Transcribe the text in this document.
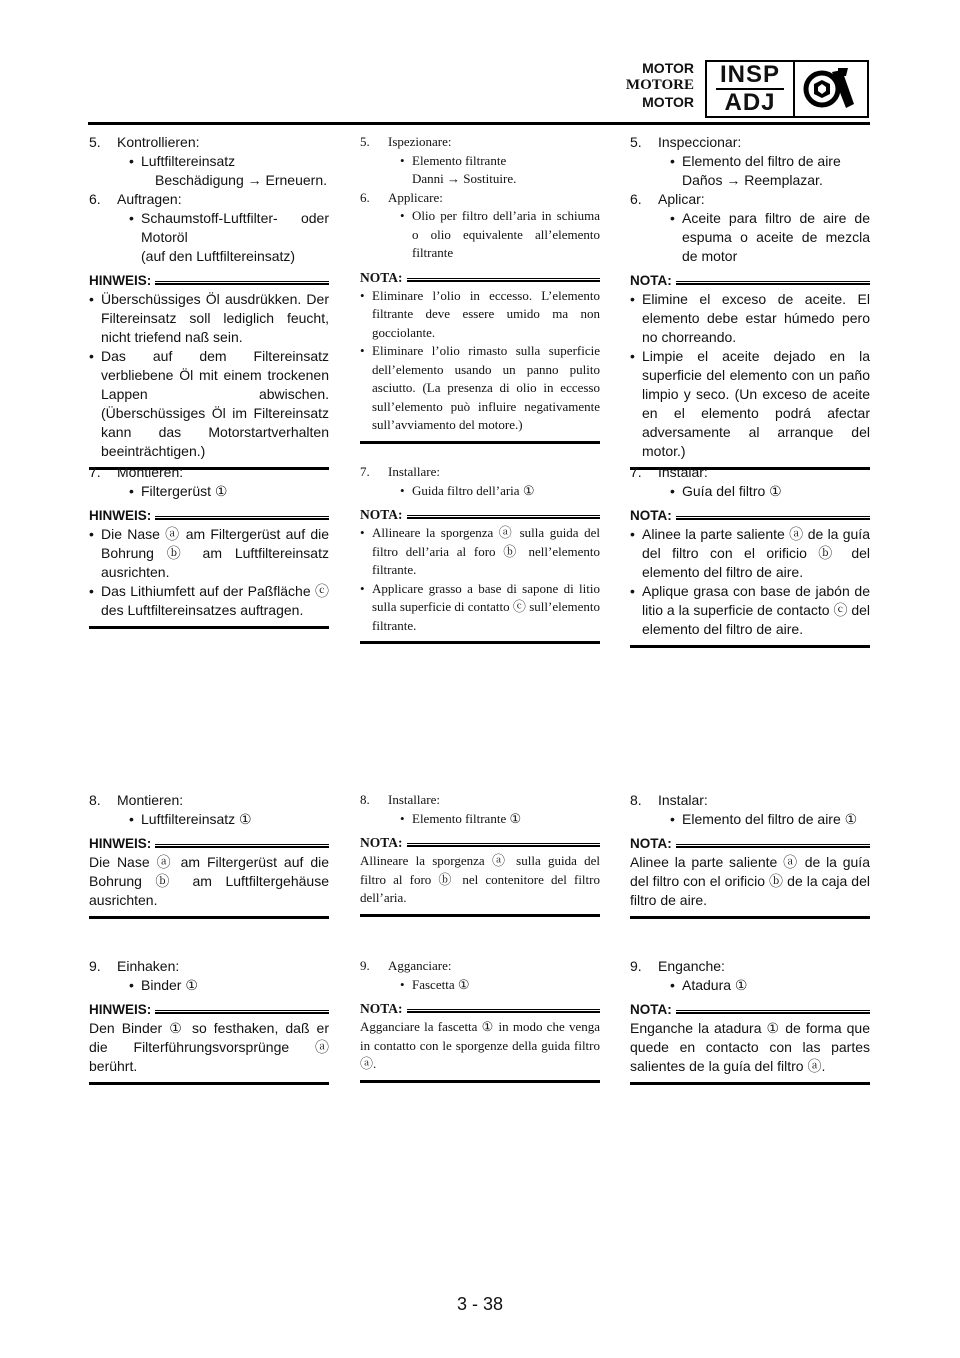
MOTOR
MOTORE
MOTOR
INSP
ADJ
5. Kontrollieren:
• Luftfiltereinsatz
Beschädigung → Erneuern.
6. Auftragen:
• Schaumstoff-Luftfilter- oder Motoröl
(auf den Luftfiltereinsatz)
HINWEIS:
• Überschüssiges Öl ausdrükken. Der Filtereinsatz soll lediglich feucht, nicht triefend naß sein.
• Das auf dem Filtereinsatz verbliebene Öl mit einem trockenen Lappen abwischen. (Überschüssiges Öl im Filtereinsatz kann das Motorstartverhalten beeinträchtigen.)
7. Montieren:
• Filtergerüst ①
HINWEIS:
• Die Nase ⓐ am Filtergerüst auf die Bohrung ⓑ am Luftfiltereinsatz ausrichten.
• Das Lithiumfett auf der Paßfläche ⓒ des Luftfiltereinsatzes auftragen.
8. Montieren:
• Luftfiltereinsatz ①
HINWEIS:
Die Nase ⓐ am Filtergerüst auf die Bohrung ⓑ am Luftfiltergehäuse ausrichten.
9. Einhaken:
• Binder ①
HINWEIS:
Den Binder ① so festhaken, daß er die Filterführungsvorsprünge ⓐ berührt.
5. Ispezionare:
• Elemento filtrante
Danni → Sostituire.
6. Applicare:
• Olio per filtro dell’aria in schiuma o olio equivalente all’elemento filtrante
NOTA:
• Eliminare l’olio in eccesso. L’elemento filtrante deve essere umido ma non gocciolante.
• Eliminare l’olio rimasto sulla superficie dell’elemento usando un panno pulito asciutto. (La presenza di olio in eccesso sull’elemento può influire negativamente sull’avviamento del motore.)
7. Installare:
• Guida filtro dell’aria ①
NOTA:
• Allineare la sporgenza ⓐ sulla guida del filtro dell’aria al foro ⓑ nell’elemento filtrante.
• Applicare grasso a base di sapone di litio sulla superficie di contatto ⓒ sull’elemento filtrante.
8. Installare:
• Elemento filtrante ①
NOTA:
Allineare la sporgenza ⓐ sulla guida del filtro al foro ⓑ nel contenitore del filtro dell’aria.
9. Agganciare:
• Fascetta ①
NOTA:
Agganciare la fascetta ① in modo che venga in contatto con le sporgenze della guida filtro ⓐ.
5. Inspeccionar:
• Elemento del filtro de aire
Daños → Reemplazar.
6. Aplicar:
• Aceite para filtro de aire de espuma o aceite de mezcla de motor
NOTA:
• Elimine el exceso de aceite. El elemento debe estar húmedo pero no chorreando.
• Limpie el aceite dejado en la superficie del elemento con un paño limpio y seco. (Un exceso de aceite en el elemento podrá afectar adversamente al arranque del motor.)
7. Instalar:
• Guía del filtro ①
NOTA:
• Alinee la parte saliente ⓐ de la guía del filtro con el orificio ⓑ del elemento del filtro de aire.
• Aplique grasa con base de jabón de litio a la superficie de contacto ⓒ del elemento del filtro de aire.
8. Instalar:
• Elemento del filtro de aire ①
NOTA:
Alinee la parte saliente ⓐ de la guía del filtro con el orificio ⓑ de la caja del filtro de aire.
9. Enganche:
• Atadura ①
NOTA:
Enganche la atadura ① de forma que quede en contacto con las partes salientes de la guía del filtro ⓐ.
3 - 38
